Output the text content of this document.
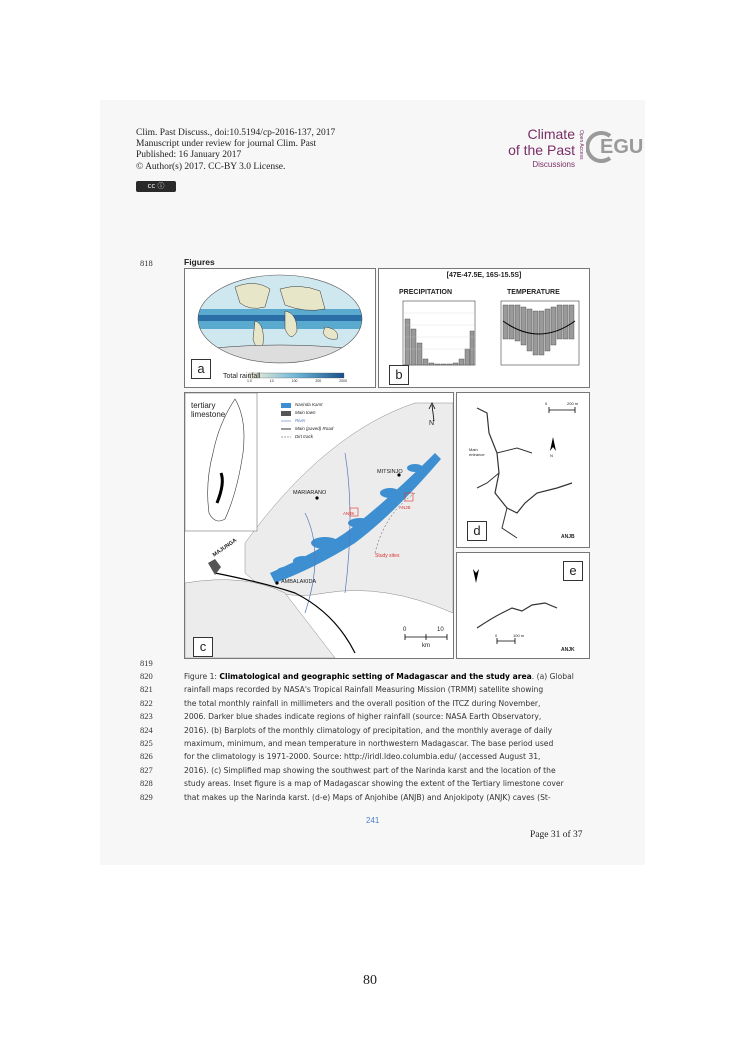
Clim. Past Discuss., doi:10.5194/cp-2016-137, 2017
Manuscript under review for journal Clim. Past
Published: 16 January 2017
© Author(s) 2017. CC-BY 3.0 License.
cc ⓘ
Climate
of the Past
Discussions
Open Access EGU
818	Figures
a
Total rainfall
1.0	10	100	200	2000
[47E-47.5E, 16S-15.5S]
PRECIPITATION	TEMPERATURE
b
tertiary limestone
Narinda Karst
Main town
River
Main (paved) Road
Dirt track
N
MITSINJO
MARIARANO
MAJUNGA
AMBALAKIDA
ANJK
ANJB
Study sites
0	10
km
c
0	200 m
N
Main entrance
ANJB
d
0	100 m
ANJK
e
819
820
821
822
823
824
825
826
827
828
829
Figure 1: Climatological and geographic setting of Madagascar and the study area. (a) Global
rainfall maps recorded by NASA's Tropical Rainfall Measuring Mission (TRMM) satellite showing
the total monthly rainfall in millimeters and the overall position of the ITCZ during November,
2006. Darker blue shades indicate regions of higher rainfall (source: NASA Earth Observatory,
2016). (b) Barplots of the monthly climatology of precipitation, and the monthly average of daily
maximum, minimum, and mean temperature in northwestern Madagascar. The base period used
for the climatology is 1971-2000. Source: http://iridl.ldeo.columbia.edu/ (accessed August 31,
2016). (c) Simplified map showing the southwest part of the Narinda karst and the location of the
study areas. Inset figure is a map of Madagascar showing the extent of the Tertiary limestone cover
that makes up the Narinda karst. (d-e) Maps of Anjohibe (ANJB) and Anjokipoty (ANJK) caves (St-
241
Page 31 of 37
80
